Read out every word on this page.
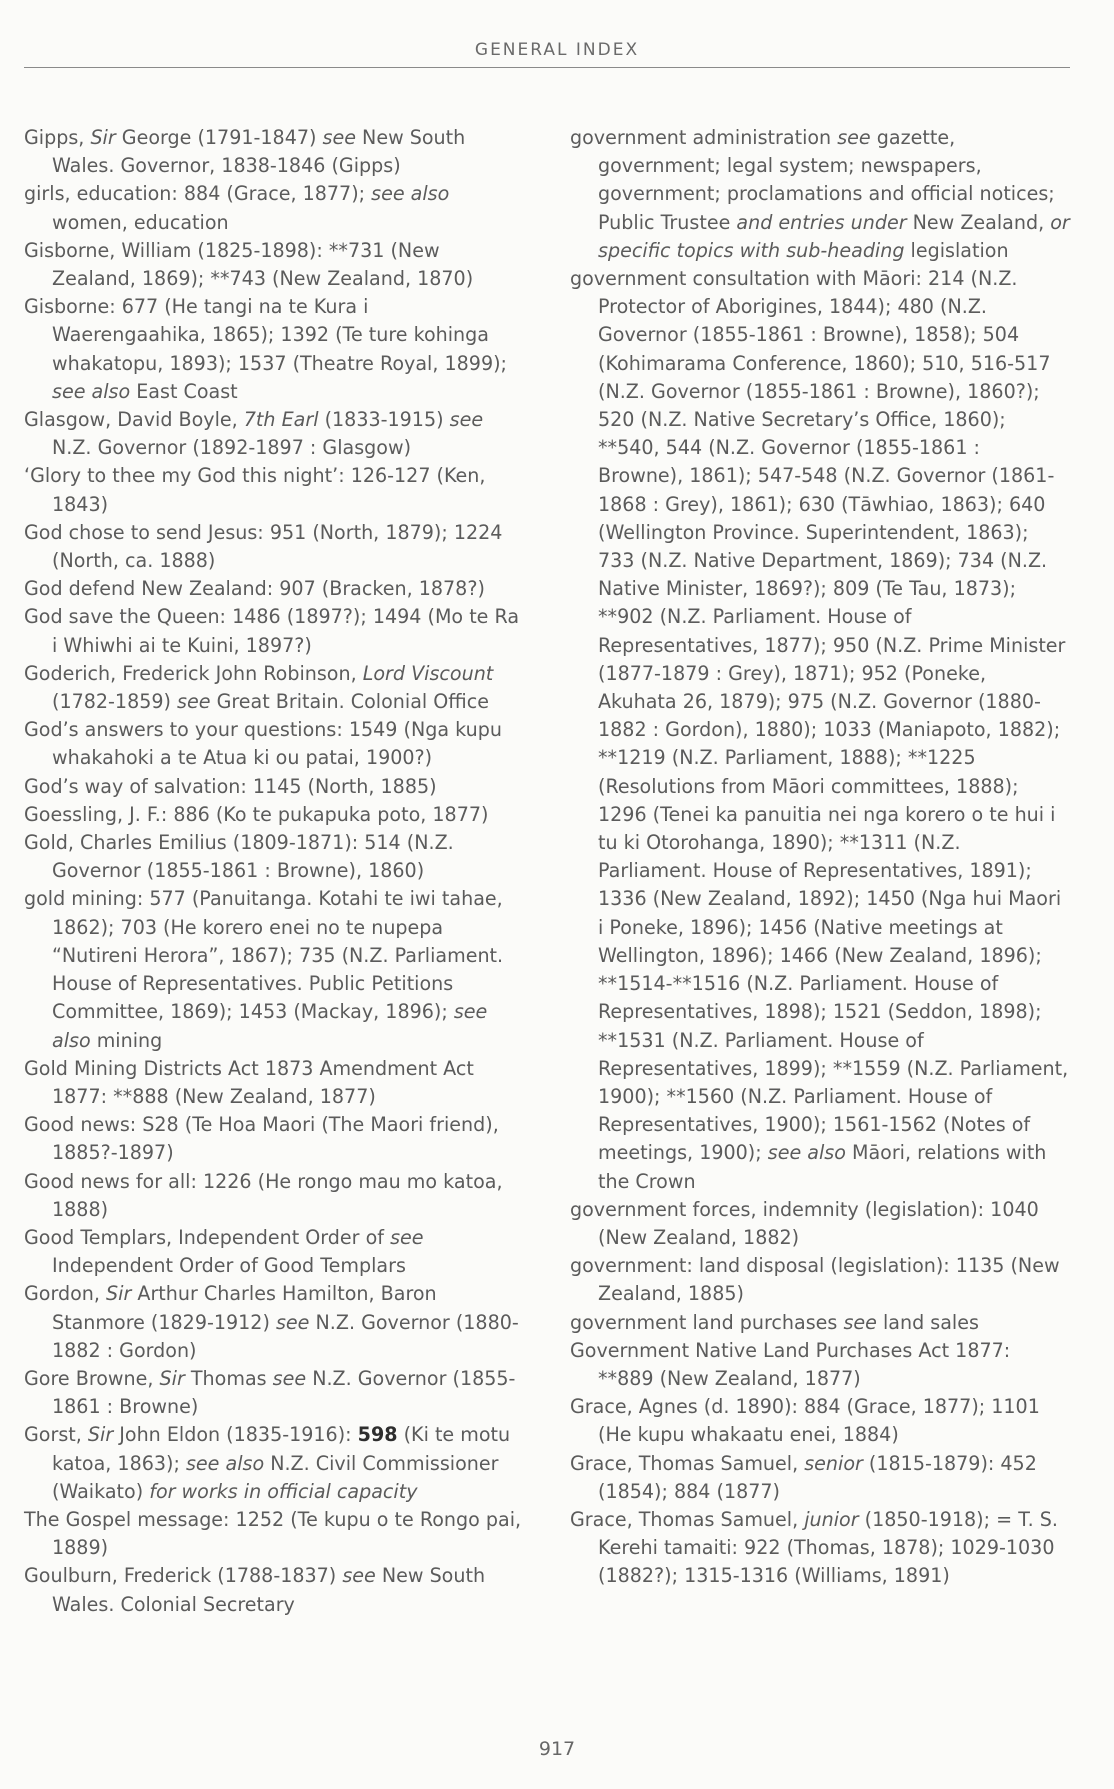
GENERAL INDEX

Gipps, Sir George (1791-1847) see New South Wales. Governor, 1838-1846 (Gipps)

girls, education: 884 (Grace, 1877); see also women, education

Gisborne, William (1825-1898): **731 (New Zealand, 1869); **743 (New Zealand, 1870)

Gisborne: 677 (He tangi na te Kura i Waerengaahika, 1865); 1392 (Te ture kohinga whakatopu, 1893); 1537 (Theatre Royal, 1899); see also East Coast

Glasgow, David Boyle, 7th Earl (1833-1915) see N.Z. Governor (1892-1897 : Glasgow)

‘Glory to thee my God this night’: 126-127 (Ken, 1843)

God chose to send Jesus: 951 (North, 1879); 1224 (North, ca. 1888)

God defend New Zealand: 907 (Bracken, 1878?)

God save the Queen: 1486 (1897?); 1494 (Mo te Ra i Whiwhi ai te Kuini, 1897?)

Goderich, Frederick John Robinson, Lord Viscount (1782-1859) see Great Britain. Colonial Office

God’s answers to your questions: 1549 (Nga kupu whakahoki a te Atua ki ou patai, 1900?)

God’s way of salvation: 1145 (North, 1885)

Goessling, J. F.: 886 (Ko te pukapuka poto, 1877)

Gold, Charles Emilius (1809-1871): 514 (N.Z. Governor (1855-1861 : Browne), 1860)

gold mining: 577 (Panuitanga. Kotahi te iwi tahae, 1862); 703 (He korero enei no te nupepa “Nutireni Herora”, 1867); 735 (N.Z. Parliament. House of Representatives. Public Petitions Committee, 1869); 1453 (Mackay, 1896); see also mining

Gold Mining Districts Act 1873 Amendment Act 1877: **888 (New Zealand, 1877)

Good news: S28 (Te Hoa Maori (The Maori friend), 1885?-1897)

Good news for all: 1226 (He rongo mau mo katoa, 1888)

Good Templars, Independent Order of see Independent Order of Good Templars

Gordon, Sir Arthur Charles Hamilton, Baron Stanmore (1829-1912) see N.Z. Governor (1880-1882 : Gordon)

Gore Browne, Sir Thomas see N.Z. Governor (1855-1861 : Browne)

Gorst, Sir John Eldon (1835-1916): 598 (Ki te motu katoa, 1863); see also N.Z. Civil Commissioner (Waikato) for works in official capacity

The Gospel message: 1252 (Te kupu o te Rongo pai, 1889)

Goulburn, Frederick (1788-1837) see New South Wales. Colonial Secretary

government administration see gazette, government; legal system; newspapers, government; proclamations and official notices; Public Trustee and entries under New Zealand, or specific topics with sub-heading legislation

government consultation with Māori: 214 (N.Z. Protector of Aborigines, 1844); 480 (N.Z. Governor (1855-1861 : Browne), 1858); 504 (Kohimarama Conference, 1860); 510, 516-517 (N.Z. Governor (1855-1861 : Browne), 1860?); 520 (N.Z. Native Secretary’s Office, 1860); **540, 544 (N.Z. Governor (1855-1861 : Browne), 1861); 547-548 (N.Z. Governor (1861-1868 : Grey), 1861); 630 (Tāwhiao, 1863); 640 (Wellington Province. Superintendent, 1863); 733 (N.Z. Native Department, 1869); 734 (N.Z. Native Minister, 1869?); 809 (Te Tau, 1873); **902 (N.Z. Parliament. House of Representatives, 1877); 950 (N.Z. Prime Minister (1877-1879 : Grey), 1871); 952 (Poneke, Akuhata 26, 1879); 975 (N.Z. Governor (1880-1882 : Gordon), 1880); 1033 (Maniapoto, 1882); **1219 (N.Z. Parliament, 1888); **1225 (Resolutions from Māori committees, 1888); 1296 (Tenei ka panuitia nei nga korero o te hui i tu ki Otorohanga, 1890); **1311 (N.Z. Parliament. House of Representatives, 1891); 1336 (New Zealand, 1892); 1450 (Nga hui Maori i Poneke, 1896); 1456 (Native meetings at Wellington, 1896); 1466 (New Zealand, 1896); **1514-**1516 (N.Z. Parliament. House of Representatives, 1898); 1521 (Seddon, 1898); **1531 (N.Z. Parliament. House of Representatives, 1899); **1559 (N.Z. Parliament, 1900); **1560 (N.Z. Parliament. House of Representatives, 1900); 1561-1562 (Notes of meetings, 1900); see also Māori, relations with the Crown

government forces, indemnity (legislation): 1040 (New Zealand, 1882)

government: land disposal (legislation): 1135 (New Zealand, 1885)

government land purchases see land sales

Government Native Land Purchases Act 1877: **889 (New Zealand, 1877)

Grace, Agnes (d. 1890): 884 (Grace, 1877); 1101 (He kupu whakaatu enei, 1884)

Grace, Thomas Samuel, senior (1815-1879): 452 (1854); 884 (1877)

Grace, Thomas Samuel, junior (1850-1918); = T. S. Kerehi tamaiti: 922 (Thomas, 1878); 1029-1030 (1882?); 1315-1316 (Williams, 1891)

917
